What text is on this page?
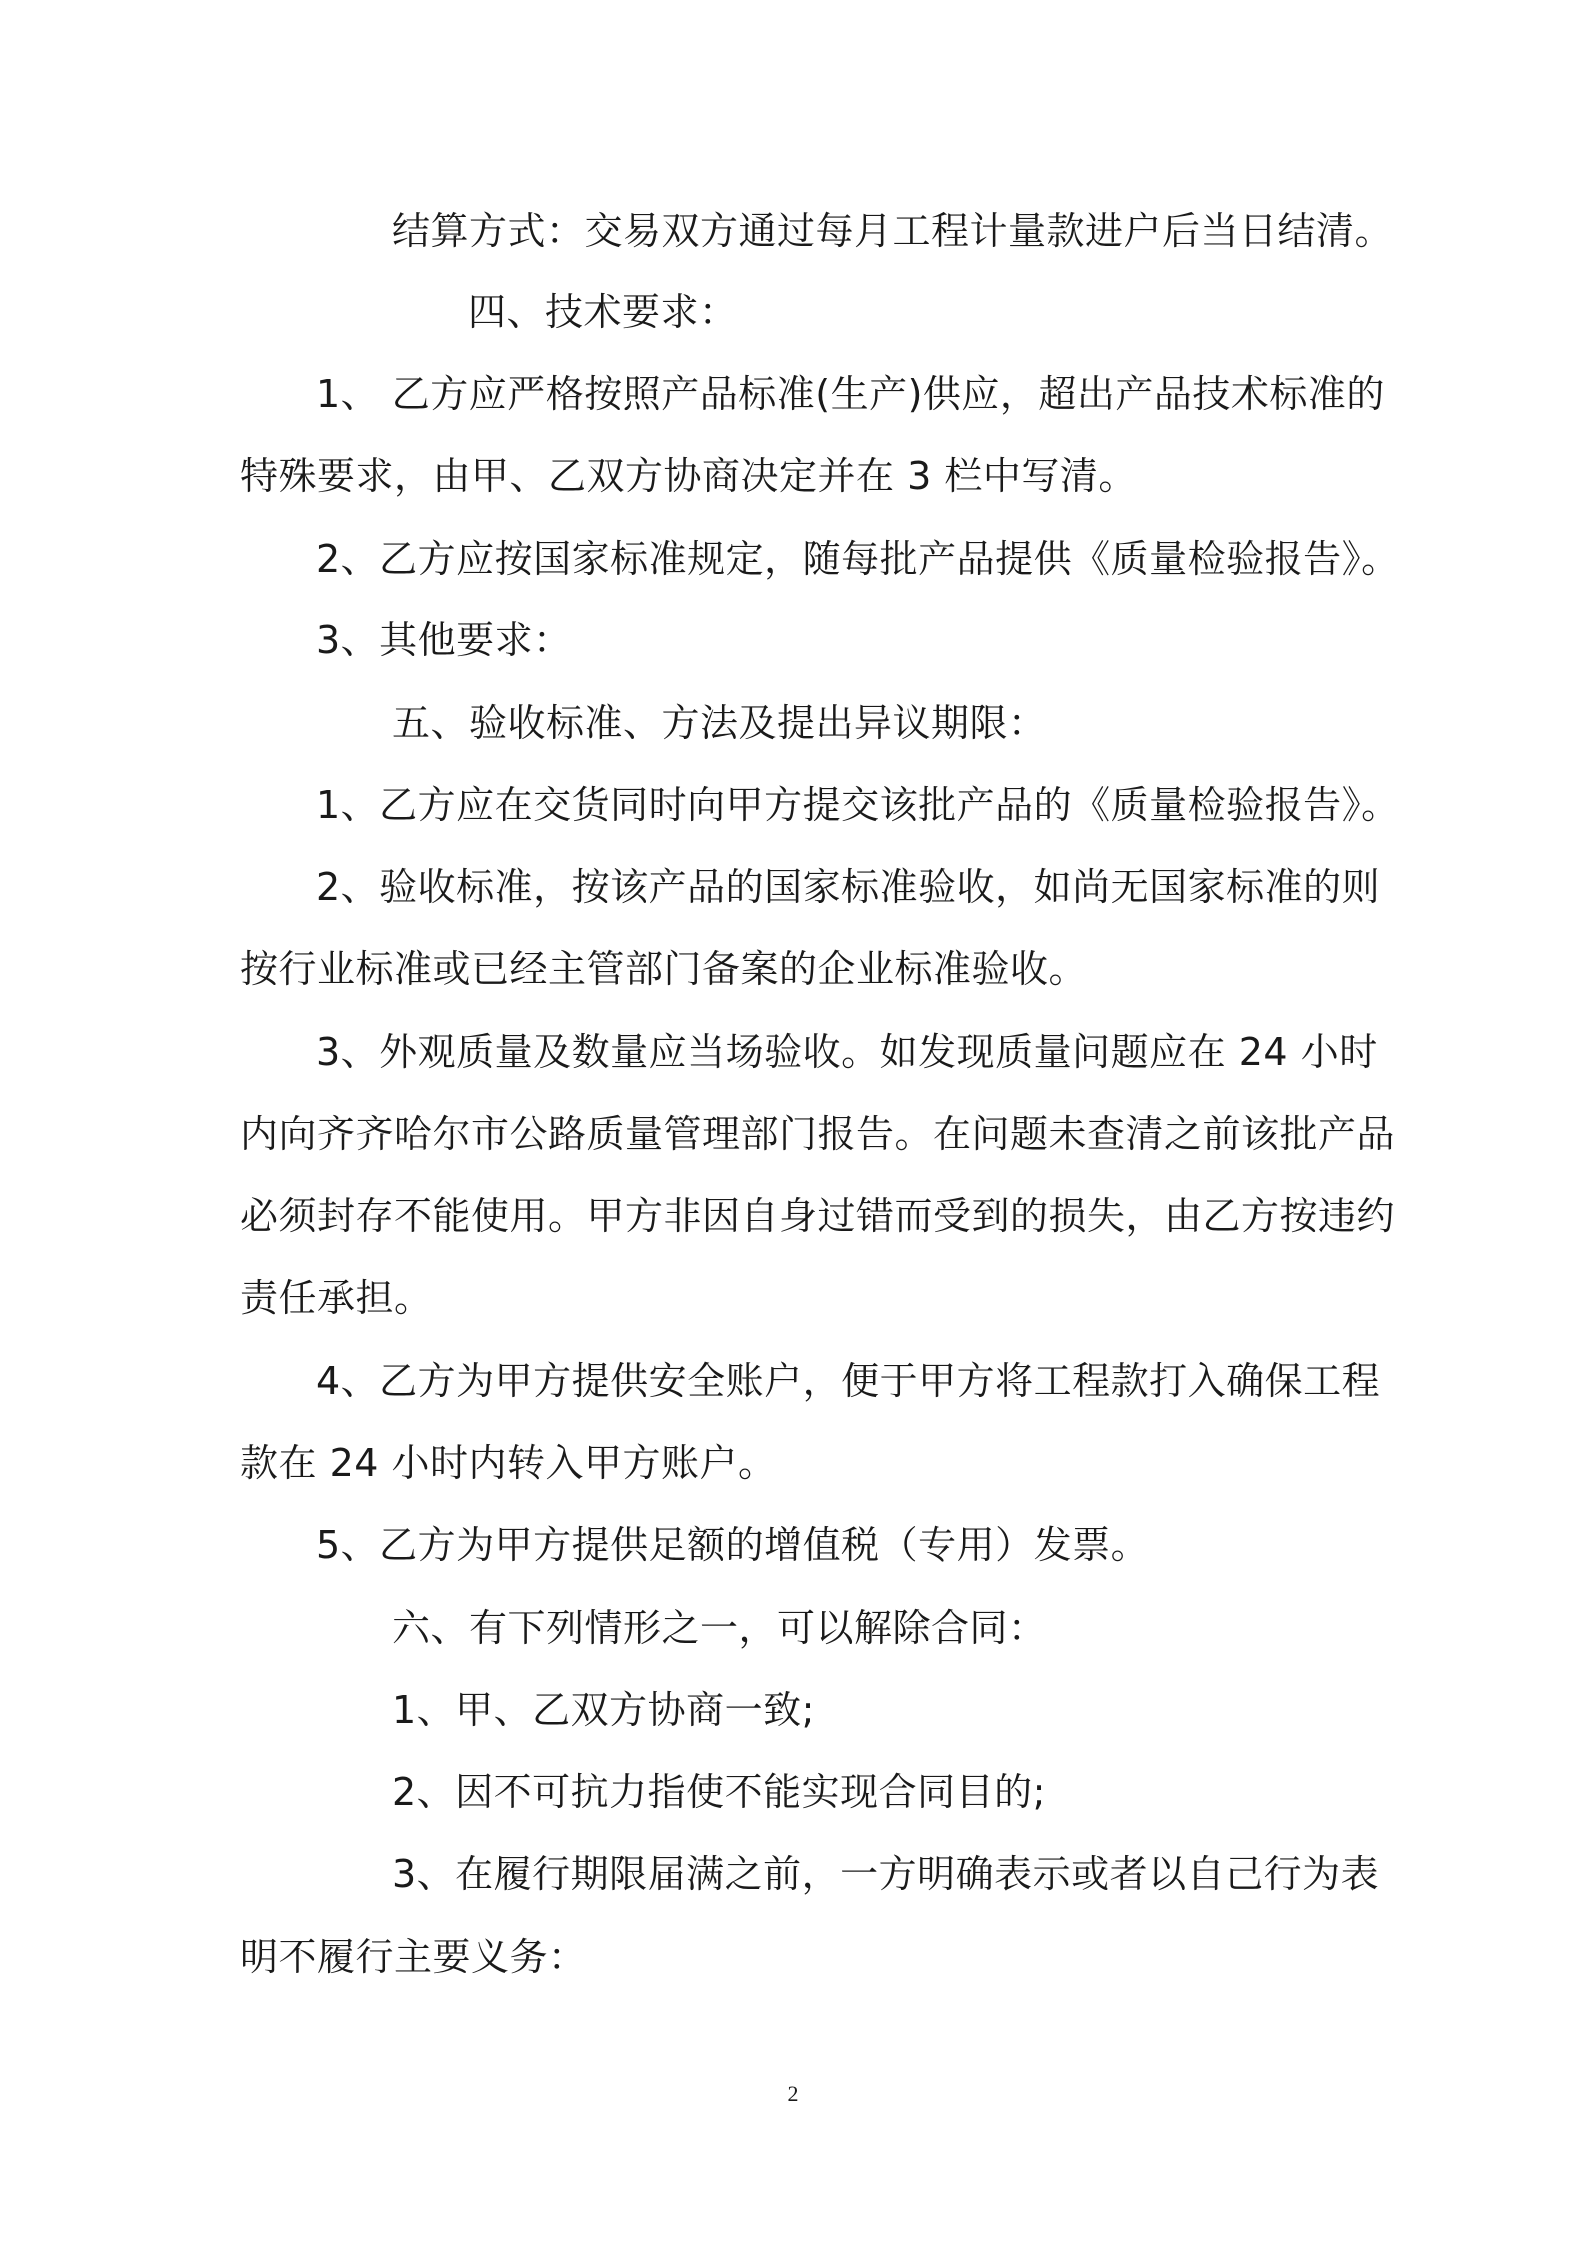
结算方式：交易双方通过每月工程计量款进户后当日结清。
四、技术要求：
1、 乙方应严格按照产品标准(生产)供应，超出产品技术标准的
特殊要求，由甲、乙双方协商决定并在 3 栏中写清。
2、乙方应按国家标准规定，随每批产品提供《质量检验报告》。
3、其他要求：
五、验收标准、方法及提出异议期限：
1、乙方应在交货同时向甲方提交该批产品的《质量检验报告》。
2、验收标准，按该产品的国家标准验收，如尚无国家标准的则
按行业标准或已经主管部门备案的企业标准验收。
3、外观质量及数量应当场验收。如发现质量问题应在 24 小时
内向齐齐哈尔市公路质量管理部门报告。在问题未查清之前该批产品
必须封存不能使用。甲方非因自身过错而受到的损失，由乙方按违约
责任承担。
4、乙方为甲方提供安全账户，便于甲方将工程款打入确保工程
款在 24 小时内转入甲方账户。
5、乙方为甲方提供足额的增值税（专用）发票。
六、有下列情形之一，可以解除合同：
1、甲、乙双方协商一致;
2、因不可抗力指使不能实现合同目的;
3、在履行期限届满之前，一方明确表示或者以自己行为表
明不履行主要义务：
2
